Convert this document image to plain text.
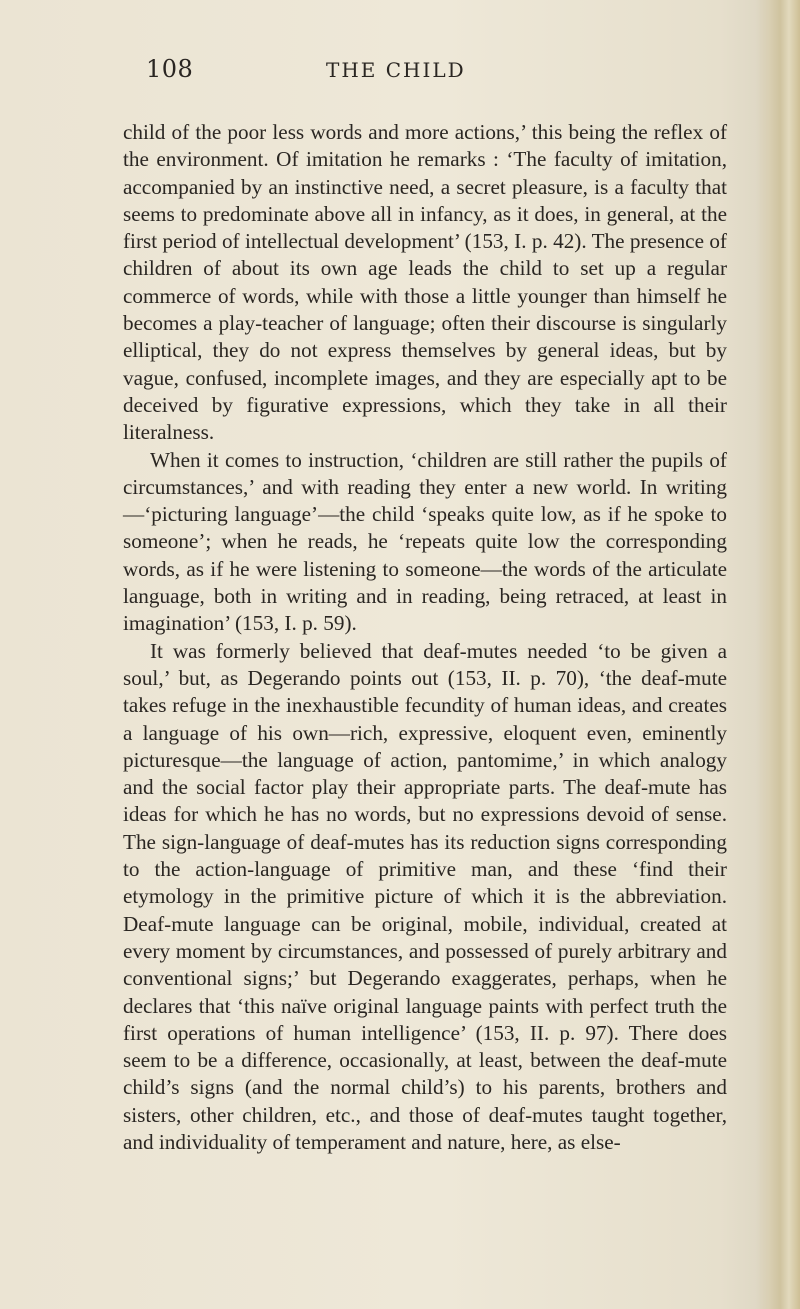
108	THE CHILD

child of the poor less words and more actions,’ this being the reflex of the environment. Of imitation he remarks : ‘The faculty of imitation, accompanied by an instinctive need, a secret pleasure, is a faculty that seems to predominate above all in infancy, as it does, in general, at the first period of intellectual development’ (153, I. p. 42). The presence of children of about its own age leads the child to set up a regular commerce of words, while with those a little younger than himself he becomes a play-teacher of language; often their discourse is singularly elliptical, they do not express themselves by general ideas, but by vague, confused, incomplete images, and they are especially apt to be deceived by figurative expressions, which they take in all their literalness.

When it comes to instruction, ‘children are still rather the pupils of circumstances,’ and with reading they enter a new world. In writing—‘picturing language’—the child ‘speaks quite low, as if he spoke to someone’; when he reads, he ‘repeats quite low the corresponding words, as if he were listening to someone—the words of the articulate language, both in writing and in reading, being retraced, at least in imagination’ (153, I. p. 59).

It was formerly believed that deaf-mutes needed ‘to be given a soul,’ but, as Degerando points out (153, II. p. 70), ‘the deaf-mute takes refuge in the inexhaustible fecundity of human ideas, and creates a language of his own—rich, expressive, eloquent even, eminently picturesque—the language of action, pantomime,’ in which analogy and the social factor play their appropriate parts. The deaf-mute has ideas for which he has no words, but no expressions devoid of sense. The sign-language of deaf-mutes has its reduction signs corresponding to the action-language of primitive man, and these ‘find their etymology in the primitive picture of which it is the abbreviation. Deaf-mute language can be original, mobile, individual, created at every moment by circumstances, and possessed of purely arbitrary and conventional signs;’ but Degerando exaggerates, perhaps, when he declares that ‘this naïve original language paints with perfect truth the first operations of human intelligence’ (153, II. p. 97). There does seem to be a difference, occasionally, at least, between the deaf-mute child’s signs (and the normal child’s) to his parents, brothers and sisters, other children, etc., and those of deaf-mutes taught together, and individuality of temperament and nature, here, as else-
